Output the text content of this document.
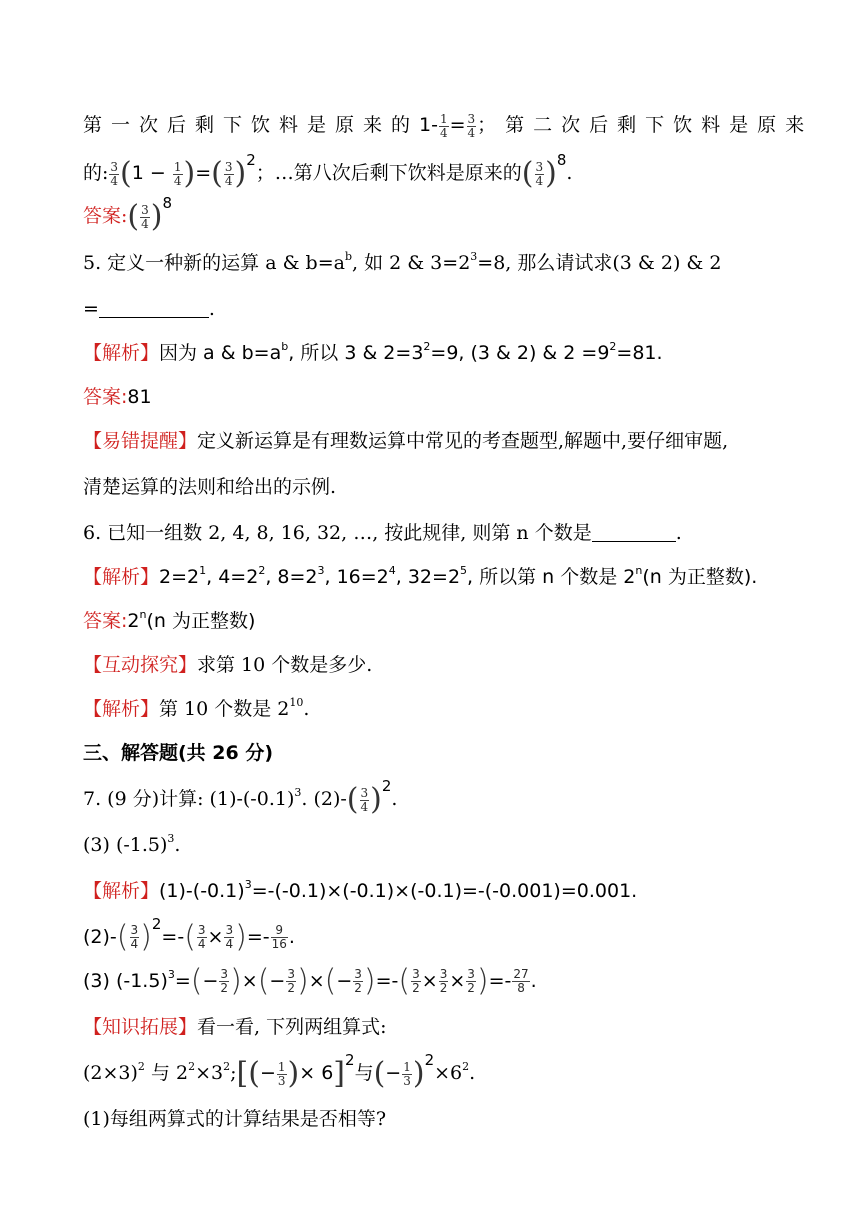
第一次后剩下饮料是原来的$1- \frac{1}{4} = \frac{3}{4}$ ；第二次后剩下饮料是原来
的: $\frac{3}{4} (1 - \frac{1}{4}$ )=( $\frac{3}{4} )^2$；…第八次后剩下饮料是原来的( $\frac{3}{4} )^8$.
答案:( $\frac{3}{4} )^8$
5. 定义一种新的运算 a & $b=a^b$, 如 2 & $3=2^3=8$, 那么请试求(3 & 2) & 2
=	.
【解析】因为 a & $b=a^b$, 所以 3 & $2=3^2=9$, (3 & 2) & $2 =9^2=81$.
答案:81
【易错提醒】定义新运算是有理数运算中常见的考查题型,解题中,要仔细审题,
清楚运算的法则和给出的示例.
6. 已知一组数 2, 4, 8, 16, 32, …, 按此规律, 则第 n 个数是	.
【解析】$2=2^1$, $4=2^2$, $8=2^3$, $16=2^4$, $32=2^5$, 所以第 n 个数是 2$^n$(n 为正整数).
答案:2$^n$(n 为正整数)
【互动探究】求第 10 个数是多少.
【解析】第 10 个数是 $2^{10}$.
三、解答题(共 26 分)
7. (9 分)计算: $(1)-(-0.1)^3$. $(2)-( \frac{3}{4} )^2$.
(3) $(-1.5)^3$.
【解析】$(1)-(-0.1)^3=-(-0.1)\times(-0.1)\times(-0.1)=-(-0.001)=0.001$.
$(2)-( \frac{3}{4} )^2=-( \frac{3}{4} \times \frac{3}{4}$ )=- $\frac{9}{16}$ .
(3) $(-1.5)^3=(- \frac{3}{2}$ )×(− $\frac{3}{2}$ )×(− $\frac{3}{2}$ )=-( $\frac{3}{2} \times \frac{3}{2} \times \frac{3}{2}$ )=- $\frac{27}{8}$ .
【知识拓展】看一看, 下列两组算式:
$(2\times 3)^2$ 与 $2^2\times 3^2;[(- \frac{1}{3}$ )× 6]$^2$与(− $\frac{1}{3} )^2\times 6^2$.
(1)每组两算式的计算结果是否相等?
